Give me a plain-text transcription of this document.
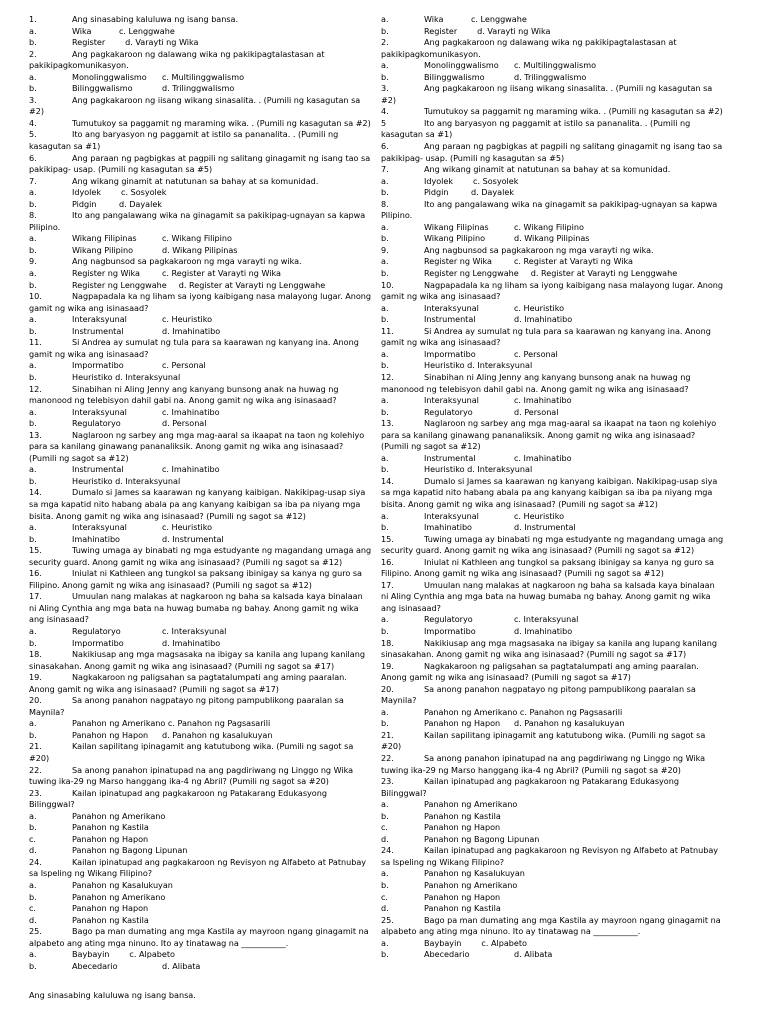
1.	Ang sinasabing kaluluwa ng isang bansa.
a.	Wika	c. Lenggwahe
b.	Register d. Varayti ng Wika
2.	Ang pagkakaroon ng dalawang wika ng pakikipagtalastasan at
pakikipagkomunikasyon.
a.	Monolinggwalismo c. Multilinggwalismo
b.	Bilinggwalismo	d. Trilinggwalismo
3.	Ang pagkakaroon ng iisang wikang sinasalita. . (Pumili ng kasagutan sa
#2)
4.	Tumutukoy sa paggamit ng maraming wika. . (Pumili ng kasagutan sa #2)
5.	Ito ang baryasyon ng paggamit at istilo sa pananalita. . (Pumili ng
kasagutan sa #1)
6.	Ang paraan ng pagbigkas at pagpili ng salitang ginagamit ng isang tao sa
pakikipag- usap. (Pumili ng kasagutan sa #5)
7.	Ang wikang ginamit at natutunan sa bahay at sa komunidad.
a.	Idyolek c. Sosyolek
b.	Pidgin	d. Dayalek
8.	Ito ang pangalawang wika na ginagamit sa pakikipag-ugnayan sa kapwa
Pilipino.
a.	Wikang Filipinas	c. Wikang Filipino
b.	Wikang Pilipino	d. Wikang Pilipinas
9.	Ang nagbunsod sa pagkakaroon ng mga varayti ng wika.
a.	Register ng Wika	c. Register at Varayti ng Wika
b.	Register ng Lenggwahe d. Register at Varayti ng Lenggwahe
10.	Nagpapadala ka ng liham sa iyong kaibigang nasa malayong lugar. Anong
gamit ng wika ang isinasaad?
a.	Interaksyunal	c. Heuristiko
b.	Instrumental	d. Imahinatibo
11.	Si Andrea ay sumulat ng tula para sa kaarawan ng kanyang ina. Anong
gamit ng wika ang isinasaad?
a.	Impormatibo	c. Personal
b.	Heuristiko d. Interaksyunal
12.	Sinabihan ni Aling Jenny ang kanyang bunsong anak na huwag ng
manonood ng telebisyon dahil gabi na. Anong gamit ng wika ang isinasaad?
a.	Interaksyunal	c. Imahinatibo
b.	Regulatoryo	d. Personal
13.	Naglaroon ng sarbey ang mga mag-aaral sa ikaapat na taon ng kolehiyo
para sa kanilang ginawang pananaliksik. Anong gamit ng wika ang isinasaad?
(Pumili ng sagot sa #12)
a.	Instrumental	c. Imahinatibo
b.	Heuristiko d. Interaksyunal
14.	Dumalo si James sa kaarawan ng kanyang kaibigan. Nakikipag-usap siya
sa mga kapatid nito habang abala pa ang kanyang kaibigan sa iba pa niyang mga
bisita. Anong gamit ng wika ang isinasaad? (Pumili ng sagot sa #12)
a.	Interaksyunal	c. Heuristiko
b.	Imahinatibo	d. Instrumental
15.	Tuwing umaga ay binabati ng mga estudyante ng magandang umaga ang
security guard. Anong gamit ng wika ang isinasaad? (Pumili ng sagot sa #12)
16.	Iniulat ni Kathleen ang tungkol sa paksang ibinigay sa kanya ng guro sa
Filipino. Anong gamit ng wika ang isinasaad? (Pumili ng sagot sa #12)
17.	Umuulan nang malakas at nagkaroon ng baha sa kalsada kaya binalaan
ni Aling Cynthia ang mga bata na huwag bumaba ng bahay. Anong gamit ng wika
ang isinasaad?
a.	Regulatoryo	c. Interaksyunal
b.	Impormatibo	d. Imahinatibo
18.	Nakikiusap ang mga magsasaka na ibigay sa kanila ang lupang kanilang
sinasakahan. Anong gamit ng wika ang isinasaad? (Pumili ng sagot sa #17)
19.	Nagkakaroon ng paligsahan sa pagtatalumpati ang aming paaralan.
Anong gamit ng wika ang isinasaad? (Pumili ng sagot sa #17)
20.	Sa anong panahon nagpatayo ng pitong pampublikong paaralan sa
Maynila?
a.	Panahon ng Amerikano c. Panahon ng Pagsasarili
b.	Panahon ng Hapon d. Panahon ng kasalukuyan
21.	Kailan sapilitang ipinagamit ang katutubong wika. (Pumili ng sagot sa
#20)
22.	Sa anong panahon ipinatupad na ang pagdiriwang ng Linggo ng Wika
tuwing ika-29 ng Marso hanggang ika-4 ng Abril? (Pumili ng sagot sa #20)
23.	Kailan ipinatupad ang pagkakaroon ng Patakarang Edukasyong
Bilinggwal?
a.	Panahon ng Amerikano
b.	Panahon ng Kastila
c.	Panahon ng Hapon
d.	Panahon ng Bagong Lipunan
24.	Kailan ipinatupad ang pagkakaroon ng Revisyon ng Alfabeto at Patnubay
sa Ispeling ng Wikang Filipino?
a.	Panahon ng Kasalukuyan
b.	Panahon ng Amerikano
c.	Panahon ng Hapon
d.	Panahon ng Kastila
25.	Bago pa man dumating ang mga Kastila ay mayroon ngang ginagamit na
alpabeto ang ating mga ninuno. Ito ay tinatawag na ___________.
a.	Baybayin c. Alpabeto
b.	Abecedario	d. Alibata
a.	Wika	c. Lenggwahe
b.	Register d. Varayti ng Wika
2.	Ang pagkakaroon ng dalawang wika ng pakikipagtalastasan at
pakikipagkomunikasyon.
a.	Monolinggwalismo c. Multilinggwalismo
b.	Bilinggwalismo	d. Trilinggwalismo
3.	Ang pagkakaroon ng iisang wikang sinasalita. . (Pumili ng kasagutan sa
#2)
4.	Tumutukoy sa paggamit ng maraming wika. . (Pumili ng kasagutan sa #2)
5	Ito ang baryasyon ng paggamit at istilo sa pananalita. . (Pumili ng
kasagutan sa #1)
6.	Ang paraan ng pagbigkas at pagpili ng salitang ginagamit ng isang tao sa
pakikipag- usap. (Pumili ng kasagutan sa #5)
7.	Ang wikang ginamit at natutunan sa bahay at sa komunidad.
a.	Idyolek c. Sosyolek
b.	Pidgin	d. Dayalek
8.	Ito ang pangalawang wika na ginagamit sa pakikipag-ugnayan sa kapwa
Pilipino.
a.	Wikang Filipinas	c. Wikang Filipino
b.	Wikang Pilipino	d. Wikang Pilipinas
9.	Ang nagbunsod sa pagkakaroon ng mga varayti ng wika.
a.	Register ng Wika	c. Register at Varayti ng Wika
b.	Register ng Lenggwahe d. Register at Varayti ng Lenggwahe
10.	Nagpapadala ka ng liham sa iyong kaibigang nasa malayong lugar. Anong
gamit ng wika ang isinasaad?
a.	Interaksyunal	c. Heuristiko
b.	Instrumental	d. Imahinatibo
11.	Si Andrea ay sumulat ng tula para sa kaarawan ng kanyang ina. Anong
gamit ng wika ang isinasaad?
a.	Impormatibo	c. Personal
b.	Heuristiko d. Interaksyunal
12.	Sinabihan ni Aling Jenny ang kanyang bunsong anak na huwag ng
manonood ng telebisyon dahil gabi na. Anong gamit ng wika ang isinasaad?
a.	Interaksyunal	c. Imahinatibo
b.	Regulatoryo	d. Personal
13.	Naglaroon ng sarbey ang mga mag-aaral sa ikaapat na taon ng kolehiyo
para sa kanilang ginawang pananaliksik. Anong gamit ng wika ang isinasaad?
(Pumili ng sagot sa #12)
a.	Instrumental	c. Imahinatibo
b.	Heuristiko d. Interaksyunal
14.	Dumalo si James sa kaarawan ng kanyang kaibigan. Nakikipag-usap siya
sa mga kapatid nito habang abala pa ang kanyang kaibigan sa iba pa niyang mga
bisita. Anong gamit ng wika ang isinasaad? (Pumili ng sagot sa #12)
a.	Interaksyunal	c. Heuristiko
b.	Imahinatibo	d. Instrumental
15.	Tuwing umaga ay binabati ng mga estudyante ng magandang umaga ang
security guard. Anong gamit ng wika ang isinasaad? (Pumili ng sagot sa #12)
16.	Iniulat ni Kathleen ang tungkol sa paksang ibinigay sa kanya ng guro sa
Filipino. Anong gamit ng wika ang isinasaad? (Pumili ng sagot sa #12)
17.	Umuulan nang malakas at nagkaroon ng baha sa kalsada kaya binalaan
ni Aling Cynthia ang mga bata na huwag bumaba ng bahay. Anong gamit ng wika
ang isinasaad?
a.	Regulatoryo	c. Interaksyunal
b.	Impormatibo	d. Imahinatibo
18.	Nakikiusap ang mga magsasaka na ibigay sa kanila ang lupang kanilang
sinasakahan. Anong gamit ng wika ang isinasaad? (Pumili ng sagot sa #17)
19.	Nagkakaroon ng paligsahan sa pagtatalumpati ang aming paaralan.
Anong gamit ng wika ang isinasaad? (Pumili ng sagot sa #17)
20.	Sa anong panahon nagpatayo ng pitong pampublikong paaralan sa
Maynila?
a.	Panahon ng Amerikano c. Panahon ng Pagsasarili
b.	Panahon ng Hapon d. Panahon ng kasalukuyan
21.	Kailan sapilitang ipinagamit ang katutubong wika. (Pumili ng sagot sa
#20)
22.	Sa anong panahon ipinatupad na ang pagdiriwang ng Linggo ng Wika
tuwing ika-29 ng Marso hanggang ika-4 ng Abril? (Pumili ng sagot sa #20)
23.	Kailan ipinatupad ang pagkakaroon ng Patakarang Edukasyong
Bilinggwal?
a.	Panahon ng Amerikano
b.	Panahon ng Kastila
c.	Panahon ng Hapon
d.	Panahon ng Bagong Lipunan
24.	Kailan ipinatupad ang pagkakaroon ng Revisyon ng Alfabeto at Patnubay
sa Ispeling ng Wikang Filipino?
a.	Panahon ng Kasalukuyan
b.	Panahon ng Amerikano
c.	Panahon ng Hapon
d.	Panahon ng Kastila
25.	Bago pa man dumating ang mga Kastila ay mayroon ngang ginagamit na
alpabeto ang ating mga ninuno. Ito ay tinatawag na ___________.
a.	Baybayin c. Alpabeto
b.	Abecedario	d. Alibata
Ang sinasabing kaluluwa ng isang bansa.
